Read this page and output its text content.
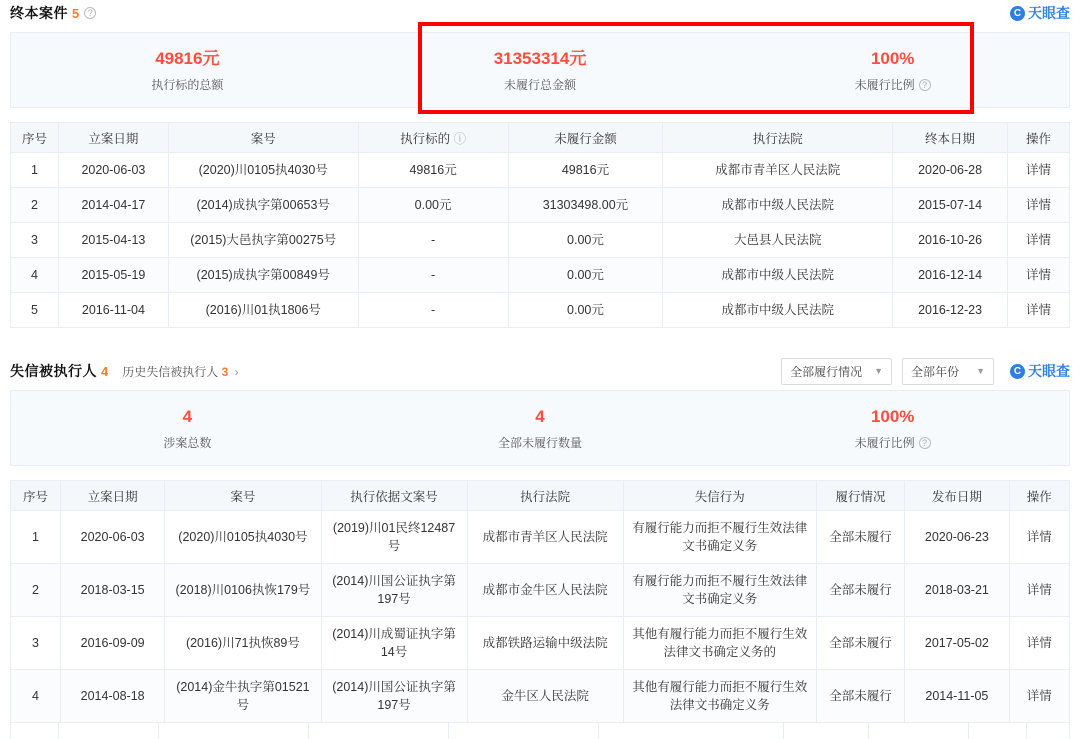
终本案件 5 ?	C 天眼查
49816元
执行标的总额
31353314元
未履行总金额
100%
未履行比例 ?
序号	立案日期	案号	执行标的 ⓘ	未履行金额	执行法院	终本日期	操作
1	2020-06-03	(2020)川0105执4030号	49816元	49816元	成都市青羊区人民法院	2020-06-28	详情
2	2014-04-17	(2014)成执字第00653号	0.00元	31303498.00元	成都市中级人民法院	2015-07-14	详情
3	2015-04-13	(2015)大邑执字第00275号	-	0.00元	大邑县人民法院	2016-10-26	详情
4	2015-05-19	(2015)成执字第00849号	-	0.00元	成都市中级人民法院	2016-12-14	详情
5	2016-11-04	(2016)川01执1806号	-	0.00元	成都市中级人民法院	2016-12-23	详情
失信被执行人 4 历史失信被执行人 3 ›	全部履行情况 ▼ 全部年份 ▼	C 天眼查
4
涉案总数
4
全部未履行数量
100%
未履行比例 ?
序号	立案日期	案号	执行依据文案号	执行法院	失信行为	履行情况	发布日期	操作
1	2020-06-03	(2020)川0105执4030号	(2019)川01民终12487号	成都市青羊区人民法院	有履行能力而拒不履行生效法律文书确定义务	全部未履行	2020-06-23	详情
2	2018-03-15	(2018)川0106执恢179号	(2014)川国公证执字第197号	成都市金牛区人民法院	有履行能力而拒不履行生效法律文书确定义务	全部未履行	2018-03-21	详情
3	2016-09-09	(2016)川71执恢89号	(2014)川成蜀证执字第14号	成都铁路运输中级法院	其他有履行能力而拒不履行生效法律文书确定义务的	全部未履行	2017-05-02	详情
4	2014-08-18	(2014)金牛执字第01521号	(2014)川国公证执字第197号	金牛区人民法院	其他有履行能力而拒不履行生效法律文书确定义务	全部未履行	2014-11-05	详情
